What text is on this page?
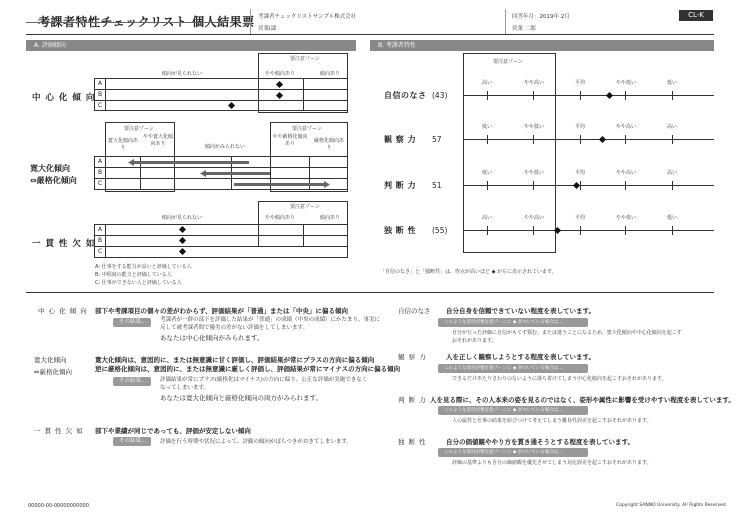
考課者特性チェックリスト 個人結果票 考課者チェックリストサンプル株式会社
営業Ⅰ課
回答年月：2019年 2月
営業 二郎
CL-K
A. 評価傾向
中 心 化 傾 向
要注意ゾーン
傾向が見られない	やや傾向あり	傾向あり
A
B
C
寛大化傾向
⇔厳格化傾向
要注意ゾーン	要注意ゾーン
寛大化傾向あり
やや寛大化傾向あり	傾向がみられない
やや厳格化傾向あり	厳格化傾向あり
A
B
C
一 貫 性 欠 如
要注意ゾーン
傾向が見られない	やや傾向あり	傾向あり
A
B
C
A: 仕事をする能力が高いと評価している人
B: 中程度の能力と評価している人
C: 仕事ができない人と評価している人
B. 考課者特性
要注意ゾーン
自信のなさ (43)
高い	やや高い	平均	やや低い	低い
観 察 力 57
低い	やや低い	平均	やや高い	高い
判 断 力 51
低い	やや低い	平均	やや高い	高い
独 断 性 (55)
高い	やや高い	平均	やや低い	低い
「自信のなさ」と「独断性」は、得点が高いほど ◆ が左に表示されています。
中 心 化 傾 向 部下や考課項目の個々の差がわからず、評価結果が「普通」または「中央」に偏る傾向
その結果...	考課者が一群の部下を評価した結果が「普通」の成績（中央の成績）にかたまり、事実に
反して被考課者間で優劣の差がない評価をしてしまいます。
あなたは中心化傾向がみられます。
寛大化傾向
⇔厳格化傾向
寛大化傾向は、意図的に、または無意識に甘く評価し、評価結果が常にプラスの方向に偏る傾向
逆に厳格化傾向は、意図的に、または無意識に厳しく評価し、評価結果が常にマイナスの方向に偏る傾向
その結果...	評価結果が常にプラス(厳格化はマイナス)の方向に偏り、公正な評価が実施できなく
なってしまいます。
あなたは寛大化傾向と厳格化傾向の両方がみられます。
一 貫 性 欠 如 部下や業績が同じであっても、評価が安定しない傾向
その結果...	評価を行う時期や状況によって、評価の傾向がばらつきがおきてしまいます。
自信のなさ 自分自身を信頼できていない程度を表しています。
このような項目が要注意ゾーンに ◆ がついている場合は...
自分が行った評価に自信がもてず悩む、または迷うことになるため、寛大化傾向や中心化傾向を起こす
おそれがあります。
観 察 力	人を正しく観察しようとする程度を表しています。
このような項目が要注意ゾーンに ◆ がついている場合は...
できるだけあたりさわりのないように落ち着けてしまう中心化傾向を起こすおそれがあります。
判 断 力 人を見る際に、その人本来の姿を見るのではなく、姿形や属性に影響を受けやすい程度を表しています。
このような項目が要注意ゾーンに ◆ がついている場合は...
人の属性と仕事の結果を結びつけて考えてしまう難易性誤差を起こすおそれがあります。
独 断 性	自分の価値観ややり方を貫き通そうとする程度を表しています。
このような項目が要注意ゾーンに ◆ がついている場合は...
評価の基準よりも自分の価値観を優先させてしまう対比誤差を起こすおそれがあります。
00000-00-00000000000	Copyright SANNO University. All Rights Reserved.
